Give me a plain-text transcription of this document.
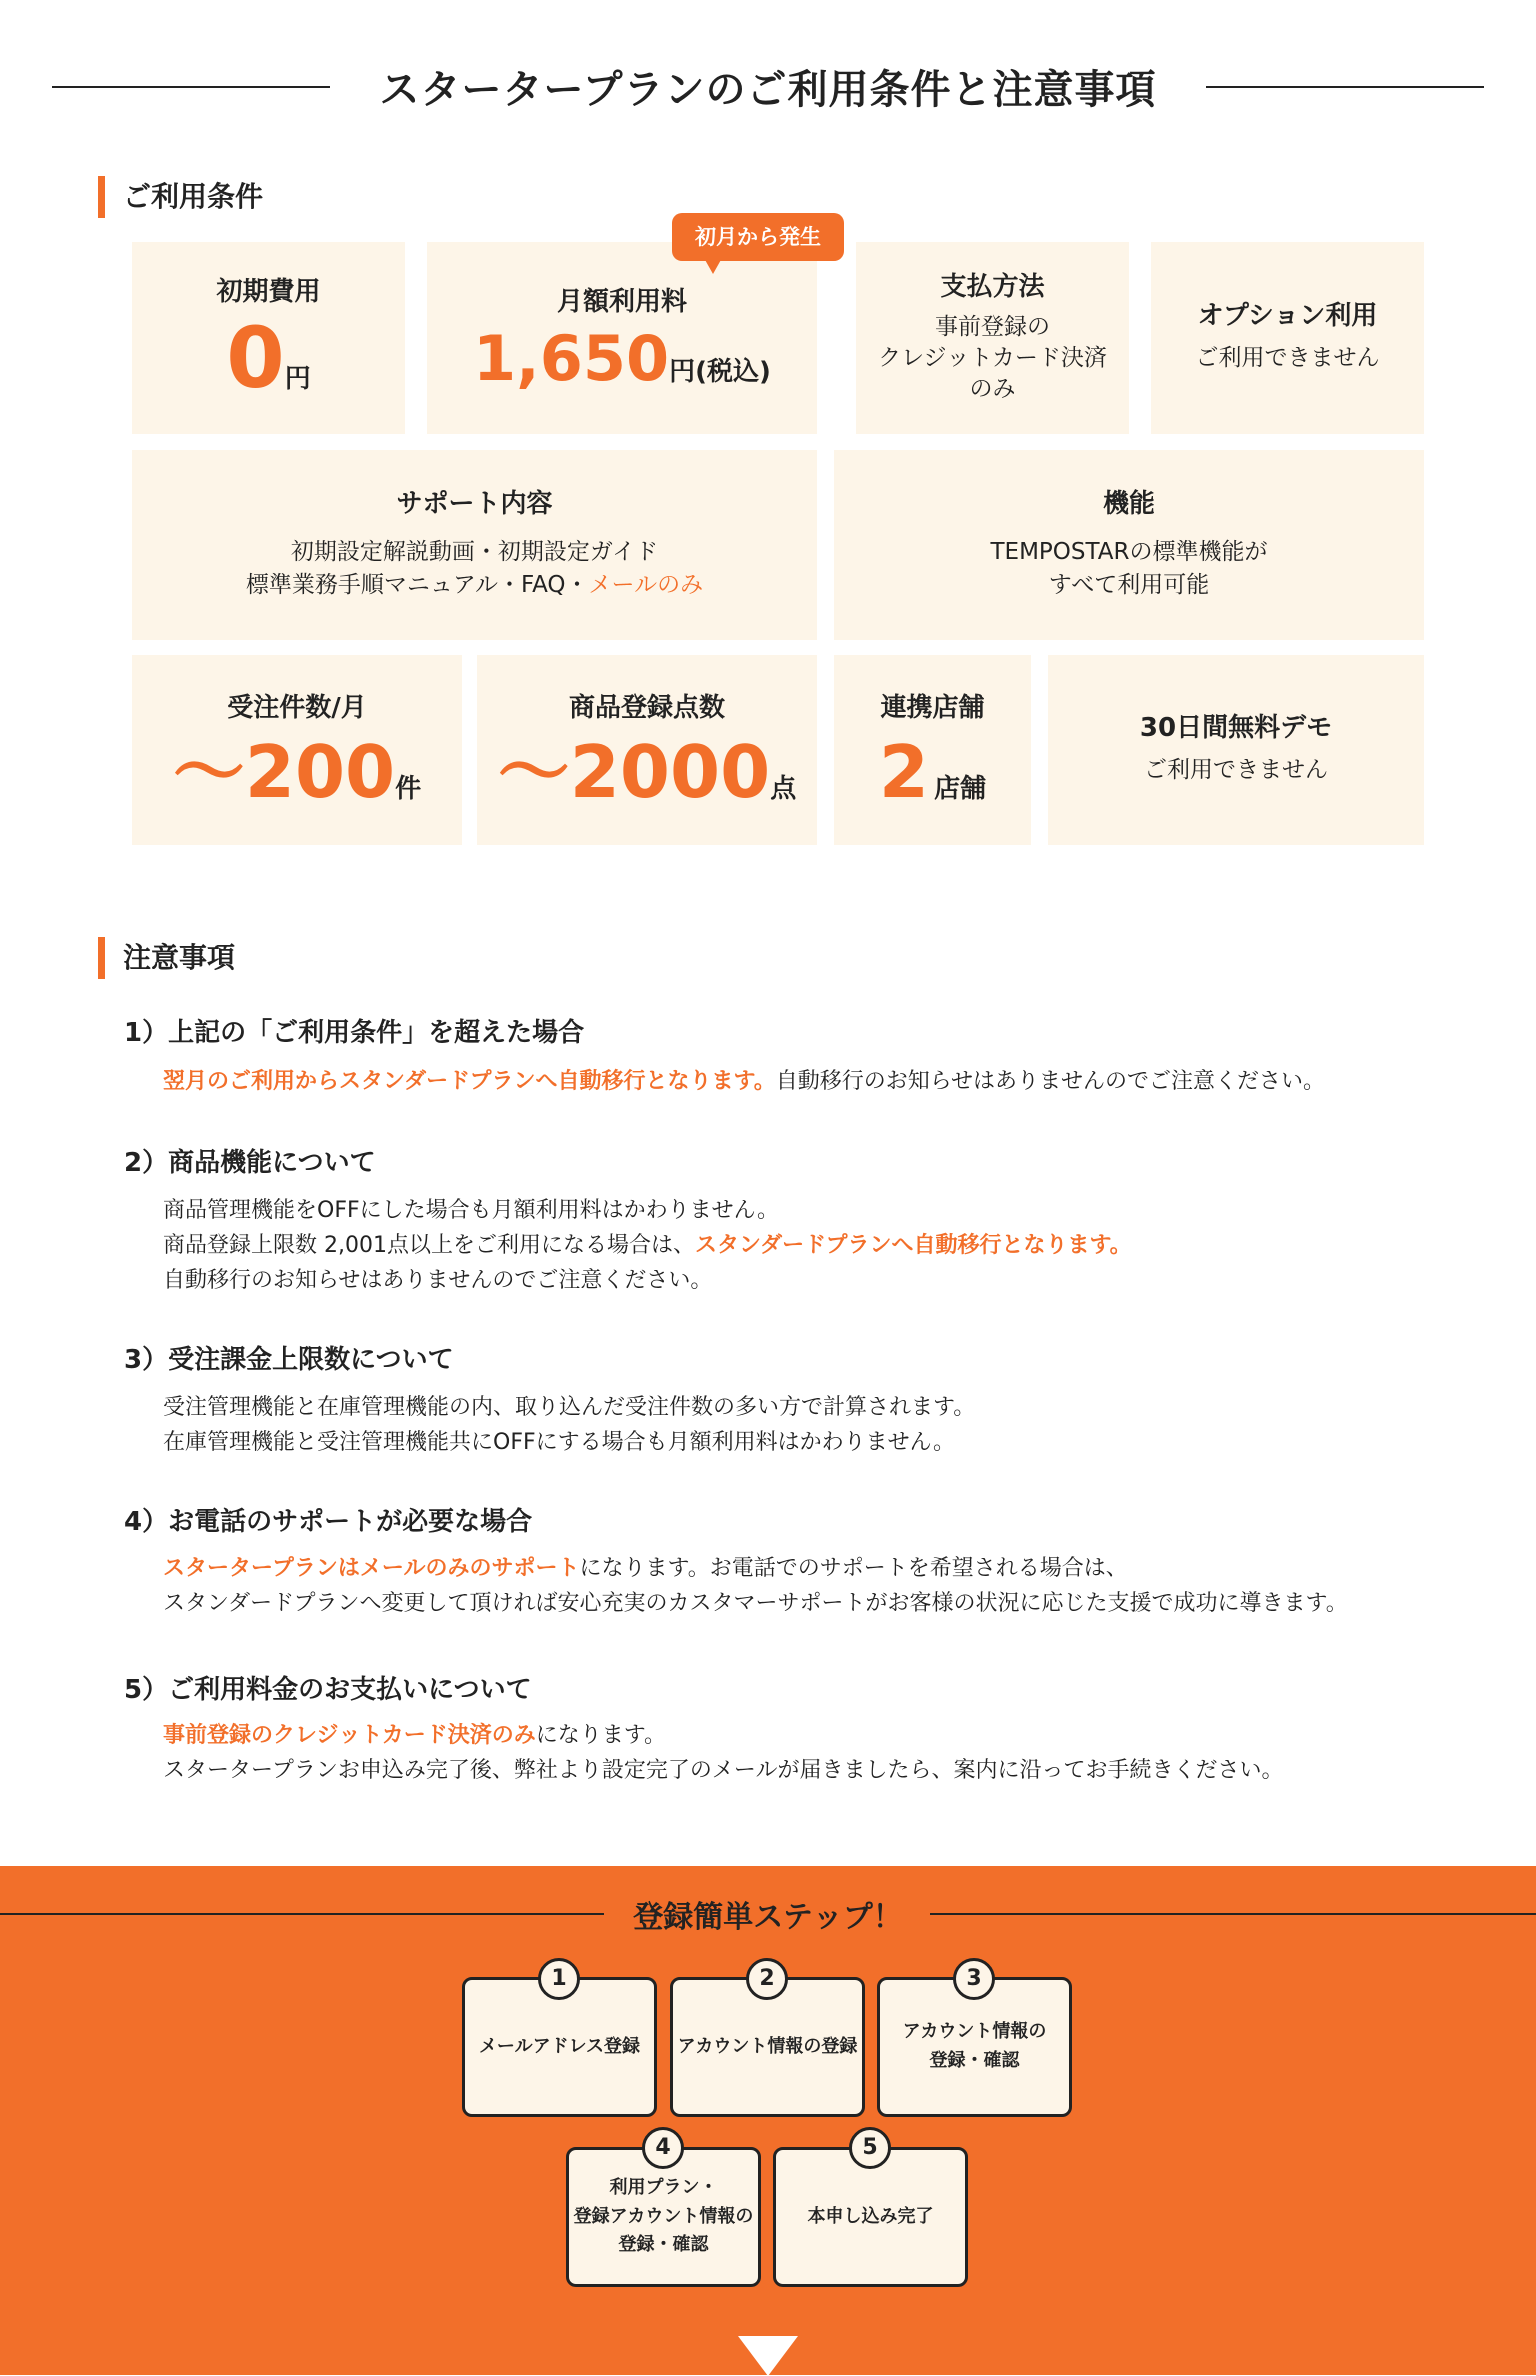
スタータープランのご利用条件と注意事項
ご利用条件
初期費用
0円
月額利用料
1,650円(税込)
初月から発生
支払方法
事前登録の
クレジットカード決済
のみ
オプション利用
ご利用できません
サポート内容
初期設定解説動画・初期設定ガイド
標準業務手順マニュアル・FAQ・メールのみ
機能
TEMPOSTARの標準機能が
すべて利用可能
受注件数/月
～200件
商品登録点数
～2000点
連携店舗
2 店舗
30日間無料デモ
ご利用できません
注意事項
1）上記の「ご利用条件」を超えた場合
翌月のご利用からスタンダードプランへ自動移行となります。自動移行のお知らせはありませんのでご注意ください。
2）商品機能について
商品管理機能をOFFにした場合も月額利用料はかわりません。
商品登録上限数 2,001点以上をご利用になる場合は、スタンダードプランへ自動移行となります。
自動移行のお知らせはありませんのでご注意ください。
3）受注課金上限数について
受注管理機能と在庫管理機能の内、取り込んだ受注件数の多い方で計算されます。
在庫管理機能と受注管理機能共にOFFにする場合も月額利用料はかわりません。
4）お電話のサポートが必要な場合
スタータープランはメールのみのサポートになります。お電話でのサポートを希望される場合は、
スタンダードプランへ変更して頂ければ安心充実のカスタマーサポートがお客様の状況に応じた支援で成功に導きます。
5）ご利用料金のお支払いについて
事前登録のクレジットカード決済のみになります。
スタータープランお申込み完了後、弊社より設定完了のメールが届きましたら、案内に沿ってお手続きください。
登録簡単ステップ！
メールアドレス登録
1
アカウント情報の登録
2
アカウント情報の
登録・確認
3
利用プラン・
登録アカウント情報の
登録・確認
4
本申し込み完了
5
